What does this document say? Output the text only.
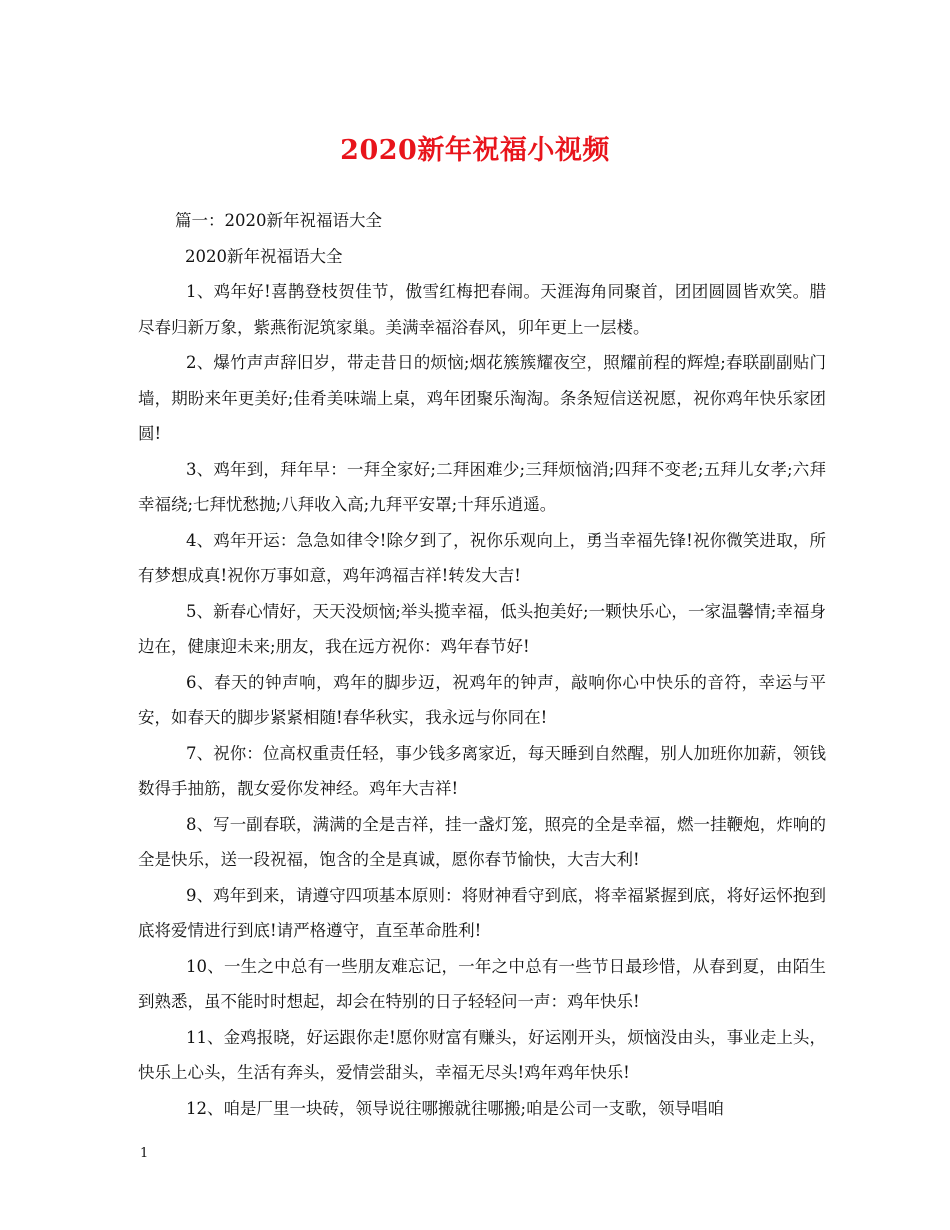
2020新年祝福小视频
篇一：2020新年祝福语大全
2020新年祝福语大全
1、鸡年好!喜鹊登枝贺佳节，傲雪红梅把春闹。天涯海角同聚首，团团圆圆皆欢笑。腊尽春归新万象，紫燕衔泥筑家巢。美满幸福浴春风，卯年更上一层楼。
2、爆竹声声辞旧岁，带走昔日的烦恼;烟花簇簇耀夜空，照耀前程的辉煌;春联副副贴门墙，期盼来年更美好;佳肴美味端上桌，鸡年团聚乐淘淘。条条短信送祝愿，祝你鸡年快乐家团圆!
3、鸡年到，拜年早：一拜全家好;二拜困难少;三拜烦恼消;四拜不变老;五拜儿女孝;六拜幸福绕;七拜忧愁抛;八拜收入高;九拜平安罩;十拜乐逍遥。
4、鸡年开运：急急如律令!除夕到了，祝你乐观向上，勇当幸福先锋!祝你微笑进取，所有梦想成真!祝你万事如意，鸡年鸿福吉祥!转发大吉!
5、新春心情好，天天没烦恼;举头揽幸福，低头抱美好;一颗快乐心，一家温馨情;幸福身边在，健康迎未来;朋友，我在远方祝你：鸡年春节好!
6、春天的钟声响，鸡年的脚步迈，祝鸡年的钟声，敲响你心中快乐的音符，幸运与平安，如春天的脚步紧紧相随!春华秋实，我永远与你同在!
7、祝你：位高权重责任轻，事少钱多离家近，每天睡到自然醒，别人加班你加薪，领钱数得手抽筋，靓女爱你发神经。鸡年大吉祥!
8、写一副春联，满满的全是吉祥，挂一盏灯笼，照亮的全是幸福，燃一挂鞭炮，炸响的全是快乐，送一段祝福，饱含的全是真诚，愿你春节愉快，大吉大利!
9、鸡年到来，请遵守四项基本原则：将财神看守到底，将幸福紧握到底，将好运怀抱到底将爱情进行到底!请严格遵守，直至革命胜利!
10、一生之中总有一些朋友难忘记，一年之中总有一些节日最珍惜，从春到夏，由陌生到熟悉，虽不能时时想起，却会在特别的日子轻轻问一声：鸡年快乐!
11、金鸡报晓，好运跟你走!愿你财富有赚头，好运刚开头，烦恼没由头，事业走上头，快乐上心头，生活有奔头，爱情尝甜头，幸福无尽头!鸡年鸡年快乐!
12、咱是厂里一块砖，领导说往哪搬就往哪搬;咱是公司一支歌，领导唱咱
1
